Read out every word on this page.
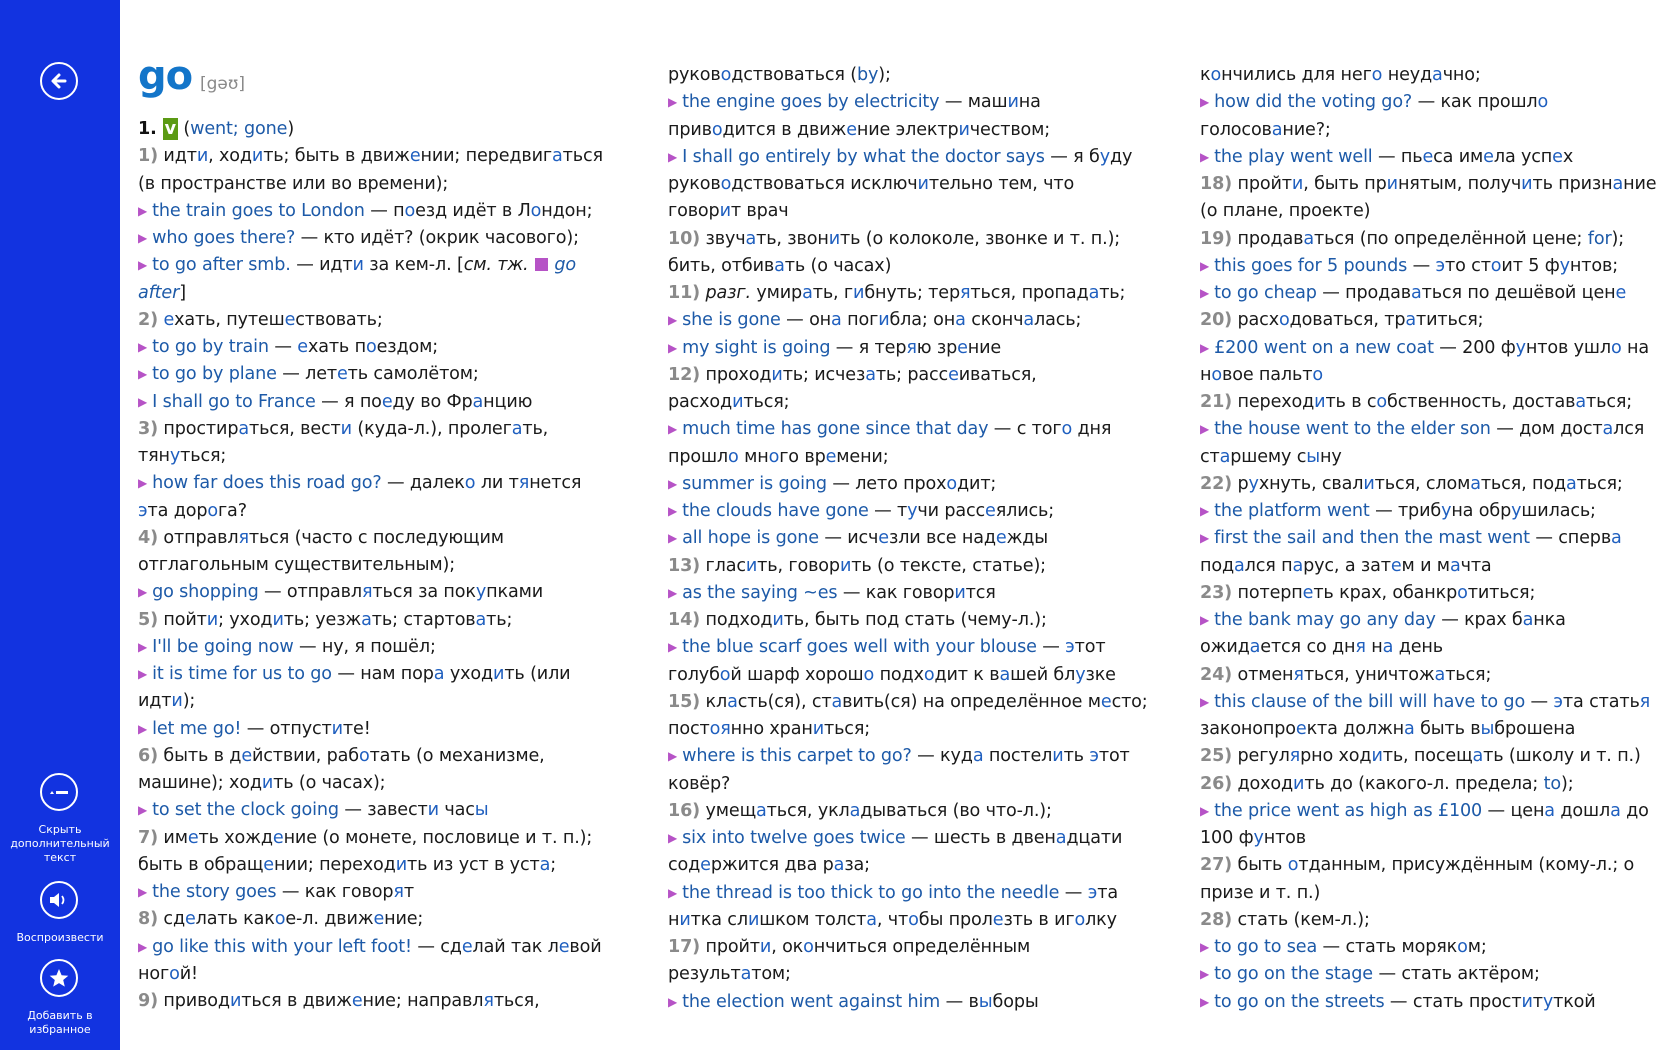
Скрыть
дополнительный
текст
Воспроизвести
Добавить в
избранное
go [gəʊ]
1. v (went; gone)
1) идти, ходить; быть в движении; передвигаться
(в пространстве или во времени);
▶ the train goes to London — поезд идёт в Лондон;
▶ who goes there? — кто идёт? (окрик часового);
▶ to go after smb. — идти за кем-л. [см. тж. go
after]
2) ехать, путешествовать;
▶ to go by train — ехать поездом;
▶ to go by plane — лететь самолётом;
▶ I shall go to France — я поеду во Францию
3) простираться, вести (куда-л.), пролегать,
тянуться;
▶ how far does this road go? — далеко ли тянется
эта дорога?
4) отправляться (часто с последующим
отглагольным существительным);
▶ go shopping — отправляться за покупками
5) пойти; уходить; уезжать; стартовать;
▶ I'll be going now — ну, я пошёл;
▶ it is time for us to go — нам пора уходить (или
идти);
▶ let me go! — отпустите!
6) быть в действии, работать (о механизме,
машине); ходить (о часах);
▶ to set the clock going — завести часы
7) иметь хождение (о монете, пословице и т. п.);
быть в обращении; переходить из уст в уста;
▶ the story goes — как говорят
8) сделать какое-л. движение;
▶ go like this with your left foot! — сделай так левой
ногой!
9) приводиться в движение; направляться,
руководствоваться (by);
▶ the engine goes by electricity — машина
приводится в движение электричеством;
▶ I shall go entirely by what the doctor says — я буду
руководствоваться исключительно тем, что
говорит врач
10) звучать, звонить (о колоколе, звонке и т. п.);
бить, отбивать (о часах)
11) разг. умирать, гибнуть; теряться, пропадать;
▶ she is gone — она погибла; она скончалась;
▶ my sight is going — я теряю зрение
12) проходить; исчезать; рассеиваться,
расходиться;
▶ much time has gone since that day — с того дня
прошло много времени;
▶ summer is going — лето проходит;
▶ the clouds have gone — тучи рассеялись;
▶ all hope is gone — исчезли все надежды
13) гласить, говорить (о тексте, статье);
▶ as the saying ~es — как говорится
14) подходить, быть под стать (чему-л.);
▶ the blue scarf goes well with your blouse — этот
голубой шарф хорошо подходит к вашей блузке
15) класть(ся), ставить(ся) на определённое место;
постоянно храниться;
▶ where is this carpet to go? — куда постелить этот
ковёр?
16) умещаться, укладываться (во что-л.);
▶ six into twelve goes twice — шесть в двенадцати
содержится два раза;
▶ the thread is too thick to go into the needle — эта
нитка слишком толста, чтобы пролезть в иголку
17) пройти, окончиться определённым
результатом;
▶ the election went against him — выборы
кончились для него неудачно;
▶ how did the voting go? — как прошло
голосование?;
▶ the play went well — пьеса имела успех
18) пройти, быть принятым, получить признание
(о плане, проекте)
19) продаваться (по определённой цене; for);
▶ this goes for 5 pounds — это стоит 5 фунтов;
▶ to go cheap — продаваться по дешёвой цене
20) расходоваться, тратиться;
▶ £200 went on a new coat — 200 фунтов ушло на
новое пальто
21) переходить в собственность, доставаться;
▶ the house went to the elder son — дом достался
старшему сыну
22) рухнуть, свалиться, сломаться, податься;
▶ the platform went — трибуна обрушилась;
▶ first the sail and then the mast went — сперва
подался парус, а затем и мачта
23) потерпеть крах, обанкротиться;
▶ the bank may go any day — крах банка
ожидается со дня на день
24) отменяться, уничтожаться;
▶ this clause of the bill will have to go — эта статья
законопроекта должна быть выброшена
25) регулярно ходить, посещать (школу и т. п.)
26) доходить до (какого-л. предела; to);
▶ the price went as high as £100 — цена дошла до
100 фунтов
27) быть отданным, присуждённым (кому-л.; о
призе и т. п.)
28) стать (кем-л.);
▶ to go to sea — стать моряком;
▶ to go on the stage — стать актёром;
▶ to go on the streets — стать проституткой
